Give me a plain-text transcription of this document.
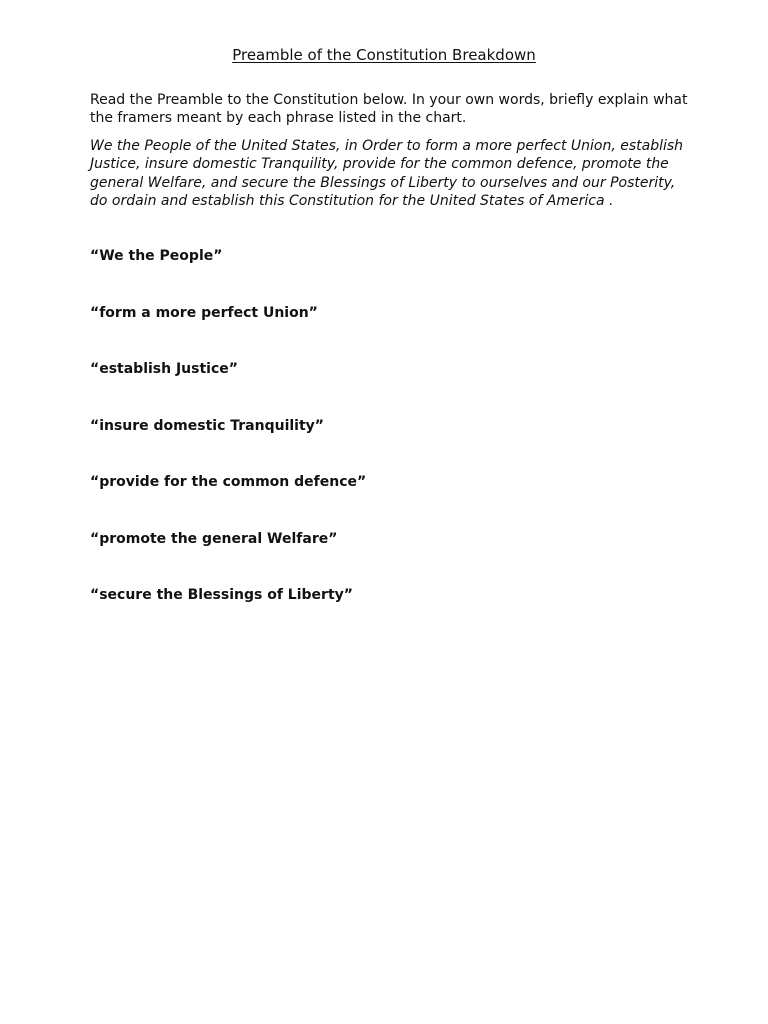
Preamble of the Constitution Breakdown

Read the Preamble to the Constitution below. In your own words, briefly explain what the framers meant by each phrase listed in the chart.

We the People of the United States, in Order to form a more perfect Union, establish Justice, insure domestic Tranquility, provide for the common defence, promote the general Welfare, and secure the Blessings of Liberty to ourselves and our Posterity, do ordain and establish this Constitution for the United States of America .

“We the People”
“form a more perfect Union”
“establish Justice”
“insure domestic Tranquility”
“provide for the common defence”
“promote the general Welfare”
“secure the Blessings of Liberty”
